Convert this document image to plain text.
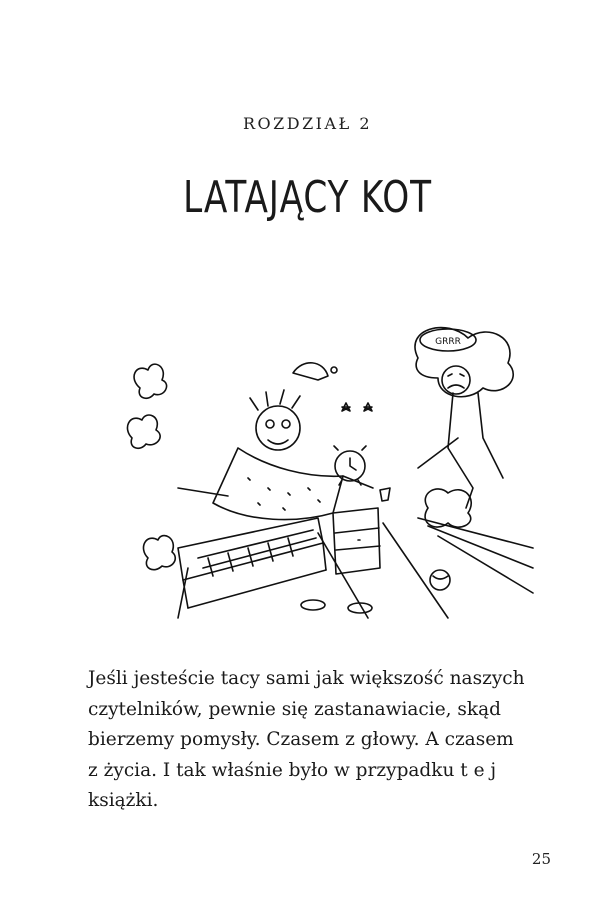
ROZDZIAŁ 2
LATAJĄCY KOT
GRRR
Jeśli jesteście tacy sami jak większość naszych
czytelników, pewnie się zastanawiacie, skąd
bierzemy pomysły. Czasem z głowy. A czasem
z życia. I tak właśnie było w przypadku t e j
książki.
25
